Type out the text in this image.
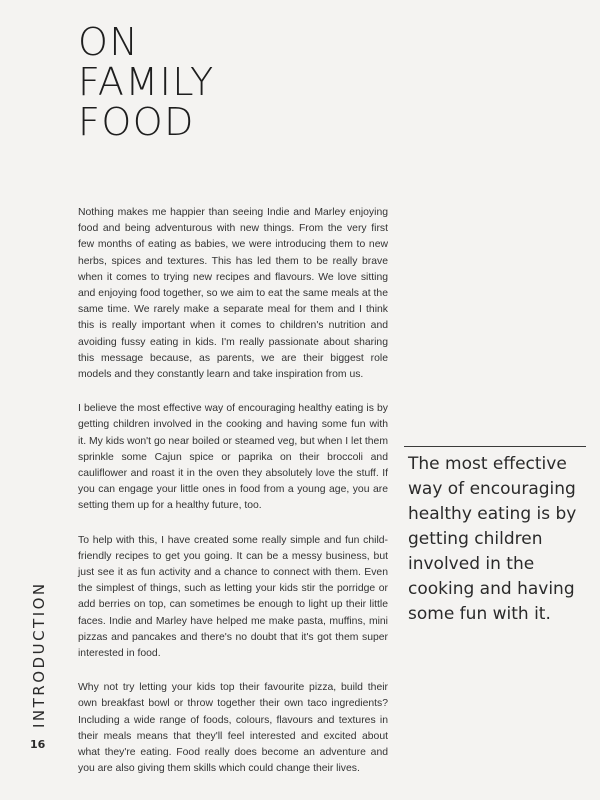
ON
FAMILY
FOOD

Nothing makes me happier than seeing Indie and Marley enjoying food and being adventurous with new things. From the very first few months of eating as babies, we were introducing them to new herbs, spices and textures. This has led them to be really brave when it comes to trying new recipes and flavours. We love sitting and enjoying food together, so we aim to eat the same meals at the same time. We rarely make a separate meal for them and I think this is really important when it comes to children's nutrition and avoiding fussy eating in kids. I'm really passionate about sharing this message because, as parents, we are their biggest role models and they constantly learn and take inspiration from us.

I believe the most effective way of encouraging healthy eating is by getting children involved in the cooking and having some fun with it. My kids won't go near boiled or steamed veg, but when I let them sprinkle some Cajun spice or paprika on their broccoli and cauliflower and roast it in the oven they absolutely love the stuff. If you can engage your little ones in food from a young age, you are setting them up for a healthy future, too.

To help with this, I have created some really simple and fun child-friendly recipes to get you going. It can be a messy business, but just see it as fun activity and a chance to connect with them. Even the simplest of things, such as letting your kids stir the porridge or add berries on top, can sometimes be enough to light up their little faces. Indie and Marley have helped me make pasta, muffins, mini pizzas and pancakes and there's no doubt that it's got them super interested in food.

Why not try letting your kids top their favourite pizza, build their own breakfast bowl or throw together their own taco ingredients? Including a wide range of foods, colours, flavours and textures in their meals means that they'll feel interested and excited about what they're eating. Food really does become an adventure and you are also giving them skills which could change their lives.

The most effective way of encouraging healthy eating is by getting children involved in the cooking and having some fun with it.

INTRODUCTION
16
